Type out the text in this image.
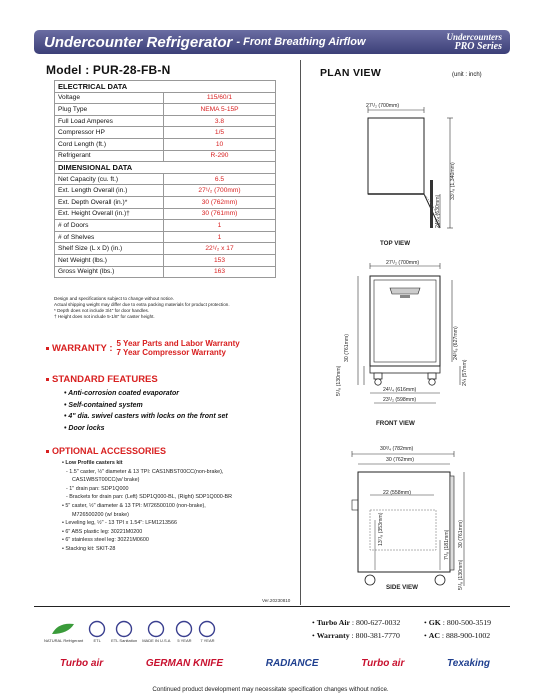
Undercounter Refrigerator - Front Breathing Airflow	Undercounters
PRO Series
Model : PUR-28-FB-N
ELECTRICAL DATA	
Voltage	115/60/1
Plug Type	NEMA 5-15P
Full Load Amperes	3.8
Compressor HP	1/5
Cord Length (ft.)	10
Refrigerant	R-290
DIMENSIONAL DATA	
Net Capacity (cu. ft.)	6.5
Ext. Length Overall (in.)	27¹/₂ (700mm)
Ext. Depth Overall (in.)*	30 (762mm)
Ext. Height Overall (in.)†	30 (761mm)
# of Doors	1
# of Shelves	1
Shelf Size (L x D) (in.)	22¹/₂ x 17
Net Weight (lbs.)	153
Gross Weight (lbs.)	163
Design and specifications subject to change without notice.
Actual shipping weight may differ due to extra packing materials for product protection.
* Depth does not include 3/4" for door handles.
† Height does not include 5-1/8" for caster height.
WARRANTY : 5 Year Parts and Labor Warranty
7 Year Compressor Warranty
STANDARD FEATURES
• Anti-corrosion coated evaporator
• Self-contained system
• 4" dia. swivel casters with locks on the front set
• Door locks
OPTIONAL ACCESSORIES
• Low Profile casters kit
- 1.5" caster, ½" diameter & 13 TPI: CAS1NBST00CC(non-brake),
CAS1WBST00CC(w/ brake)
- 1" drain pan: SDP1Q000
- Brackets for drain pan: (Left) SDP1Q000-BL, (Right) SDP1Q000-BR
• 5" caster, ½" diameter & 13 TPI: M726500100 (non-brake),
M726500200 (w/ brake)
• Leveling leg, ½" - 13 TPI x 1.54": LFM1213566
• 6" ABS plastic leg: 30221M0200
• 6" stainless steel leg: 30221M0600
• Stacking kit: SKIT-28
PLAN VIEW	(unit : inch)
27¹/₂ (700mm)
33⁷/₈ (1,340mm)
24³/₄ (630mm)
TOP VIEW
27¹/₂ (700mm)
30 (761mm)	24⁵/₈ (627mm)
5¹/₈ (130mm)	2¼ (57mm)
24¹/₄ (616mm)
23¹/₂ (598mm)
FRONT VIEW
30³/₄ (782mm)
30 (762mm)
22 (558mm)
13⁷/₈ (353mm)	7¹/₈ (181mm) 30 (761mm)
5¹/₈ (130mm)
SIDE VIEW
Ver.20230810
NATURAL Refrigerant	ETL	ETL Sanitation MADE IN U.S.A 5 YEAR 7 YEAR
• Turbo Air : 800-627-0032	• GK : 800-500-3519
• Warranty : 800-381-7770	• AC : 888-900-1002
Turbo air	GERMAN KNIFE	RADIANCE	Turbo air	Texaking
Continued product development may necessitate specification changes without notice.
